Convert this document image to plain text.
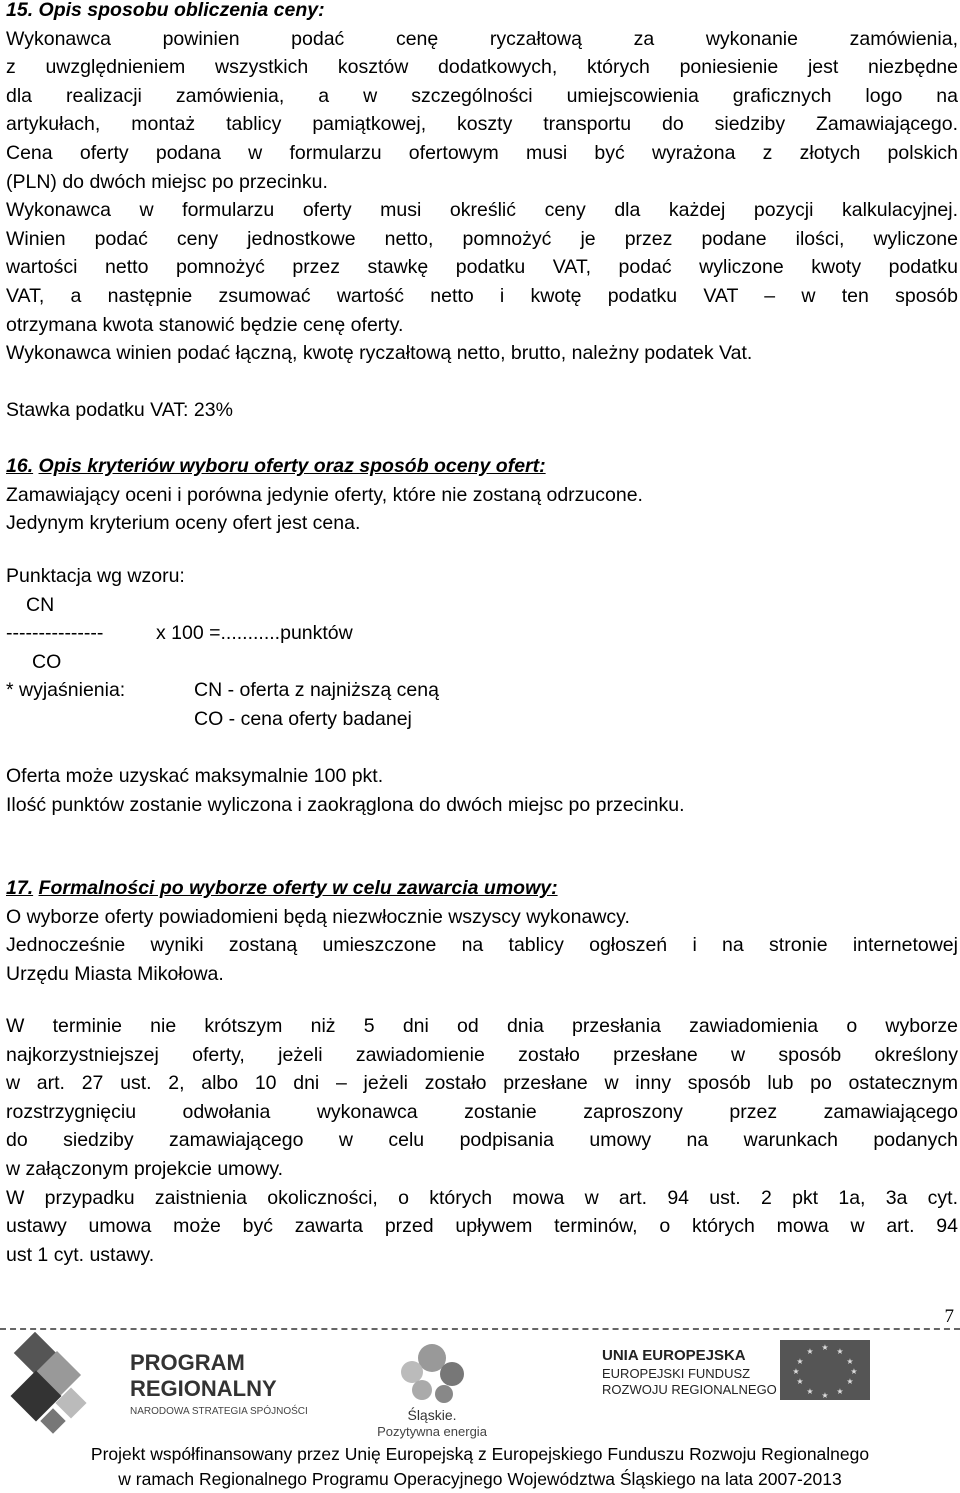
15. Opis sposobu obliczenia ceny:

Wykonawca powinien podać cenę ryczałtową za wykonanie zamówienia,

z uwzględnieniem wszystkich kosztów dodatkowych, których poniesienie jest niezbędne

dla realizacji zamówienia, a w szczególności umiejscowienia graficznych logo na

artykułach, montaż tablicy pamiątkowej, koszty transportu do siedziby Zamawiającego.

Cena oferty podana w formularzu ofertowym musi być wyrażona z złotych polskich

(PLN) do dwóch miejsc po przecinku.

Wykonawca w formularzu oferty musi określić ceny dla każdej pozycji kalkulacyjnej.

Winien podać ceny jednostkowe netto, pomnożyć je przez podane ilości, wyliczone

wartości netto pomnożyć przez stawkę podatku VAT, podać wyliczone kwoty podatku

VAT, a następnie zsumować wartość netto i kwotę podatku VAT – w ten sposób

otrzymana kwota stanowić będzie cenę oferty.

Wykonawca winien podać łączną, kwotę ryczałtową netto, brutto, należny podatek Vat.

Stawka podatku VAT: 23%

16. Opis kryteriów wyboru oferty oraz sposób oceny ofert:

Zamawiający oceni i porówna jedynie oferty, które nie zostaną odrzucone.

Jedynym kryterium oceny ofert jest cena.

Punktacja wg wzoru:
CN
---------------	x 100 =...........punktów
CO
* wyjaśnienia:	CN - oferta z najniższą ceną
CO - cena oferty badanej
Oferta może uzyskać maksymalnie 100 pkt.
Ilość punktów zostanie wyliczona i zaokrąglona do dwóch miejsc po przecinku.
17. Formalności po wyborze oferty w celu zawarcia umowy:

O wyborze oferty powiadomieni będą niezwłocznie wszyscy wykonawcy.

Jednocześnie wyniki zostaną umieszczone na tablicy ogłoszeń i na stronie internetowej

Urzędu Miasta Mikołowa.

W terminie nie krótszym niż 5 dni od dnia przesłania zawiadomienia o wyborze

najkorzystniejszej oferty, jeżeli zawiadomienie zostało przesłane w sposób określony

w art. 27 ust. 2, albo 10 dni – jeżeli zostało przesłane w inny sposób lub po ostatecznym

rozstrzygnięciu odwołania wykonawca zostanie zaproszony przez zamawiającego

do siedziby zamawiającego w celu podpisania umowy na warunkach podanych

w załączonym projekcie umowy.

W przypadku zaistnienia okoliczności, o których mowa w art. 94 ust. 2 pkt 1a, 3a cyt.

ustawy umowa może być zawarta przed upływem terminów, o których mowa w art. 94

ust 1 cyt. ustawy.

7
PROGRAM
REGIONALNY
NARODOWA STRATEGIA SPÓJNOŚCI	Śląskie.
Pozytywna energia
UNIA EUROPEJSKA
EUROPEJSKI FUNDUSZ
ROZWOJU REGIONALNEGO
★ ★
★
★
★
★
★
★
★
★
★
★
Projekt współfinansowany przez Unię Europejską z Europejskiego Funduszu Rozwoju Regionalnego
w ramach Regionalnego Programu Operacyjnego Województwa Śląskiego na lata 2007-2013
